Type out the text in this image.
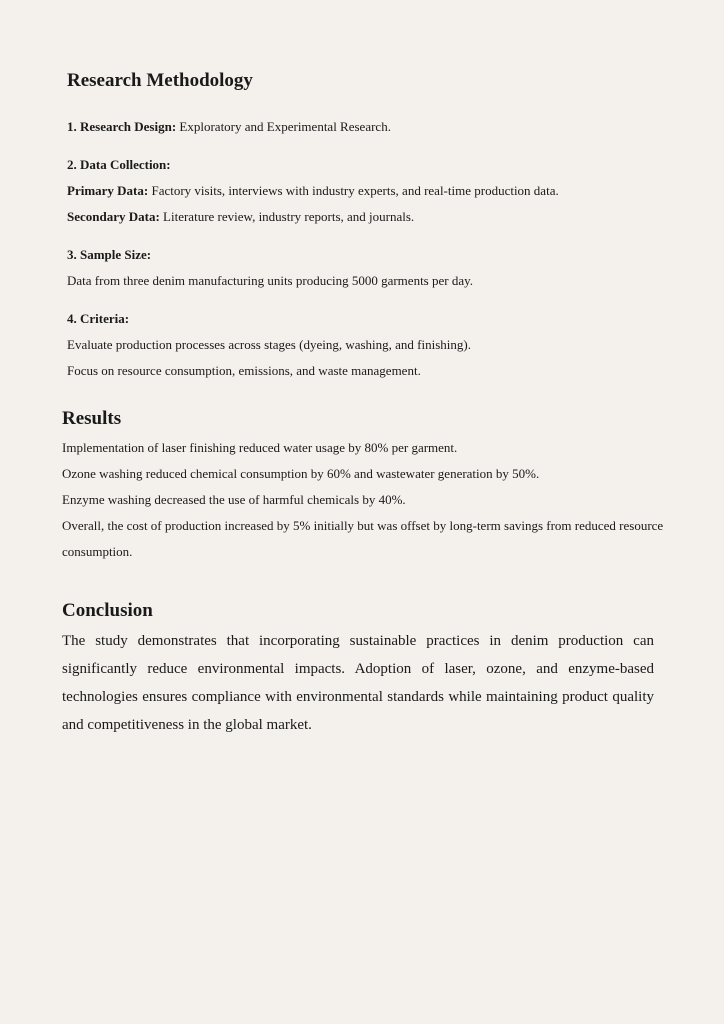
Research Methodology

1. Research Design: Exploratory and Experimental Research.

2. Data Collection:

Primary Data: Factory visits, interviews with industry experts, and real-time production data.

Secondary Data: Literature review, industry reports, and journals.

3. Sample Size:

Data from three denim manufacturing units producing 5000 garments per day.

4. Criteria:

Evaluate production processes across stages (dyeing, washing, and finishing).

Focus on resource consumption, emissions, and waste management.

Results

Implementation of laser finishing reduced water usage by 80% per garment.

Ozone washing reduced chemical consumption by 60% and wastewater generation by 50%.

Enzyme washing decreased the use of harmful chemicals by 40%.

Overall, the cost of production increased by 5% initially but was offset by long-term savings from reduced resource consumption.

Conclusion

The study demonstrates that incorporating sustainable practices in denim production can significantly reduce environmental impacts. Adoption of laser, ozone, and enzyme-based technologies ensures compliance with environmental standards while maintaining product quality and competitiveness in the global market.
